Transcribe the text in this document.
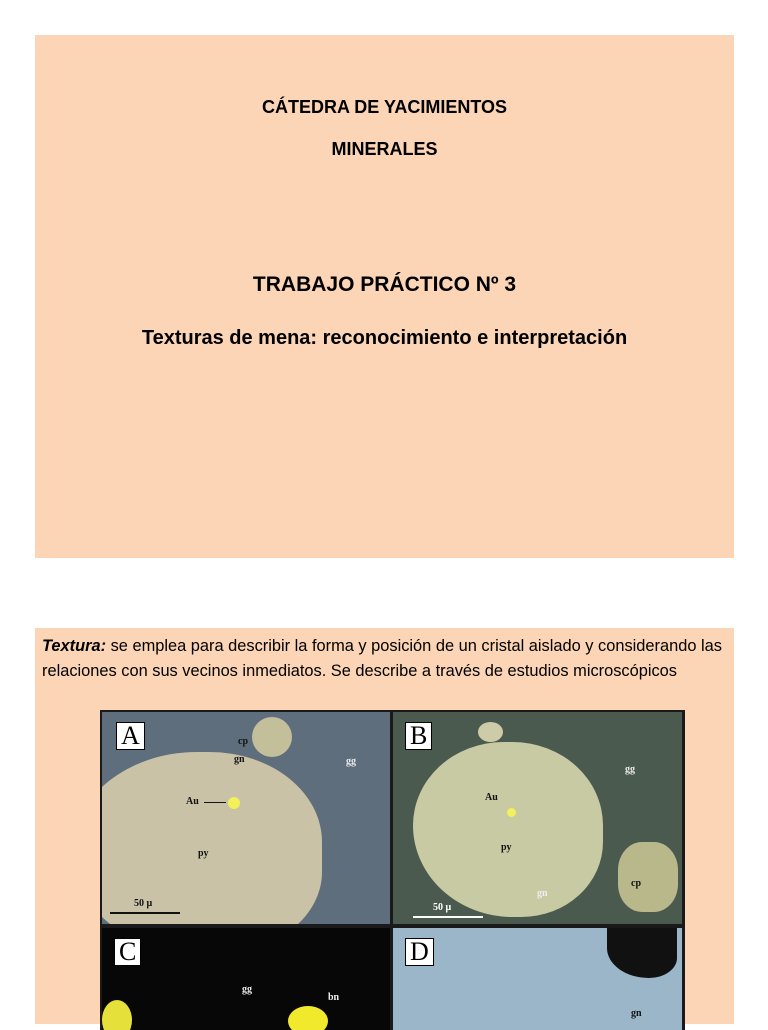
CÁTEDRA DE YACIMIENTOS
MINERALES
TRABAJO PRÁCTICO Nº 3
Texturas de mena: reconocimiento e interpretación
Textura: se emplea para describir la forma y posición de un cristal aislado y considerando las relaciones con sus vecinos inmediatos. Se describe a través de estudios microscópicos
A	cp
gn	gg
Au
py
50 μ
B
gg
Au
py
cp
gn
50 μ
C
gg
bn
D
gn
